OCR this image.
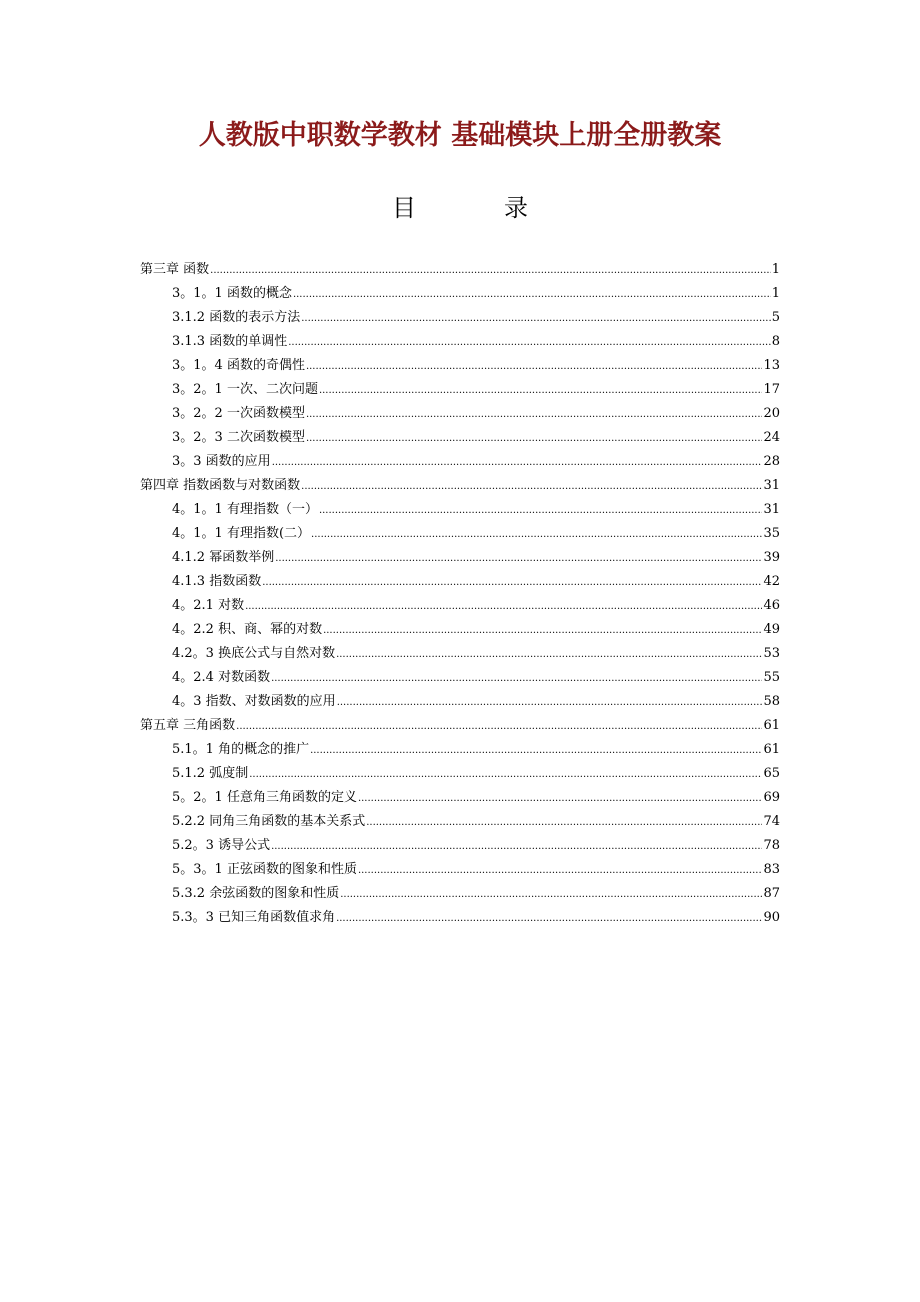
人教版中职数学教材 基础模块上册全册教案
目	录
第三章 函数 .....	1
3。1。1 函数的概念 .....	1
3.1.2 函数的表示方法 .....	5
3.1.3 函数的单调性 .....	8
3。1。4 函数的奇偶性 .....	13
3。2。1 一次、二次问题 .....	17
3。2。2 一次函数模型 .....	20
3。2。3 二次函数模型 .....	24
3。3 函数的应用 .....	28
第四章 指数函数与对数函数 .....	31
4。1。1 有理指数（一） .....	31
4。1。1 有理指数(二） .....	35
4.1.2 幂函数举例 .....	39
4.1.3 指数函数 .....	42
4。2.1 对数 .....	46
4。2.2 积、商、幂的对数 .....	49
4.2。3 换底公式与自然对数 .....	53
4。2.4 对数函数 .....	55
4。3 指数、对数函数的应用 .....	58
第五章 三角函数 .....	61
5.1。1 角的概念的推广 .....	61
5.1.2 弧度制 .....	65
5。2。1 任意角三角函数的定义 .....	69
5.2.2 同角三角函数的基本关系式 .....	74
5.2。3 诱导公式 .....	78
5。3。1 正弦函数的图象和性质 .....	83
5.3.2 余弦函数的图象和性质 .....	87
5.3。3 已知三角函数值求角 .....	90
